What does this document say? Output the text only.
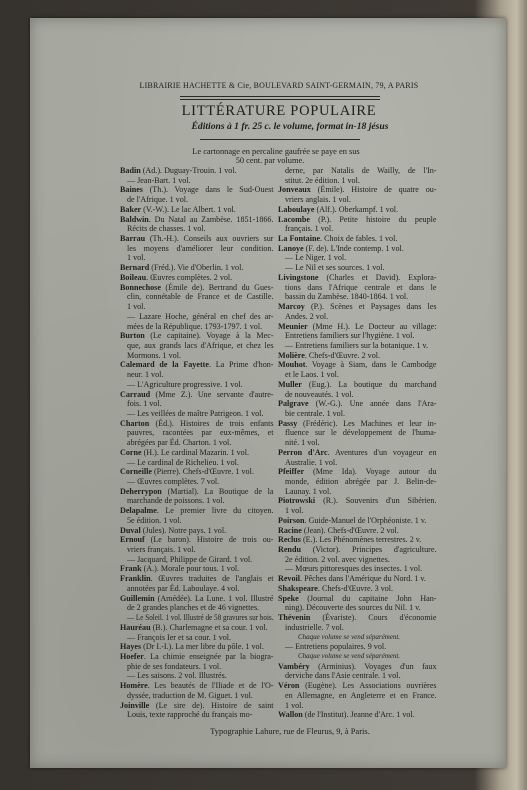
LIBRAIRIE HACHETTE & Cie, BOULEVARD SAINT-GERMAIN, 79, A PARIS
LITTÉRATURE POPULAIRE
Éditions à 1 fr. 25 c. le volume, format in-18 jésus
Le cartonnage en percaline gaufrée se paye en sus
50 cent. par volume.
Badin (Ad.). Duguay-Trouin. 1 vol.
— Jean-Bart. 1 vol.
Baines (Th.). Voyage dans le Sud-Ouest
de l'Afrique. 1 vol.
Baker (V.-W.). Le lac Albert. 1 vol.
Baldwin. Du Natal au Zambèse. 1851-1866.
Récits de chasses. 1 vol.
Barrau (Th.-H.). Conseils aux ouvriers sur
les moyens d'améliorer leur condition.
1 vol.
Bernard (Fréd.). Vie d'Oberlin. 1 vol.
Boileau. Œuvres complètes. 2 vol.
Bonnechose (Émile de). Bertrand du Gues-
clin, connétable de France et de Castille.
1 vol.
— Lazare Hoche, général en chef des ar-
mées de la République. 1793-1797. 1 vol.
Burton (Le capitaine). Voyage à la Mec-
que, aux grands lacs d'Afrique, et chez les
Mormons. 1 vol.
Calemard de la Fayette. La Prime d'hon-
neur. 1 vol.
— L'Agriculture progressive. 1 vol.
Carraud (Mme Z.). Une servante d'autre-
fois. 1 vol.
— Les veillées de maître Patrigeon. 1 vol.
Charton (Éd.). Histoires de trois enfants
pauvres, racontées par eux-mêmes, et
abrégées par Éd. Charton. 1 vol.
Corne (H.). Le cardinal Mazarin. 1 vol.
— Le cardinal de Richelieu. 1 vol.
Corneille (Pierre). Chefs-d'Œuvre. 1 vol.
— Œuvres complètes. 7 vol.
Deherrypon (Martial). La Boutique de la
marchande de poissons. 1 vol.
Delapalme. Le premier livre du citoyen.
5e édition. 1 vol.
Duval (Jules). Notre pays. 1 vol.
Ernouf (Le baron). Histoire de trois ou-
vriers français. 1 vol.
— Jacquard, Philippe de Girard. 1 vol.
Frank (A.). Morale pour tous. 1 vol.
Franklin. Œuvres traduites de l'anglais et
annotées par Éd. Laboulaye. 4 vol.
Guillemin (Amédée). La Lune. 1 vol. Illustré
de 2 grandes planches et de 46 vignettes.
— Le Soleil. 1 vol. Illustré de 58 gravures sur bois.
Hauréau (B.). Charlemagne et sa cour. 1 vol.
— François Ier et sa cour. 1 vol.
Hayes (Dr I.-I.). La mer libre du pôle. 1 vol.
Hoefer. La chimie enseignée par la biogra-
phie de ses fondateurs. 1 vol.
— Les saisons. 2 vol. Illustrés.
Homère. Les beautés de l'Iliade et de l'O-
dyssée, traduction de M. Giguet. 1 vol.
Joinville (Le sire de). Histoire de saint
Louis, texte rapproché du français mo-
derne, par Natalis de Wailly, de l'In-
stitut. 2e édition. 1 vol.
Jonveaux (Émile). Histoire de quatre ou-
vriers anglais. 1 vol.
Laboulaye (Alf.). Oberkampf. 1 vol.
Lacombe (P.). Petite histoire du peuple
français. 1 vol.
La Fontaine. Choix de fables. 1 vol.
Lanoye (F. de). L'Inde contemp. 1 vol.
— Le Niger. 1 vol.
— Le Nil et ses sources. 1 vol.
Livingstone (Charles et David). Explora-
tions dans l'Afrique centrale et dans le
bassin du Zambèse. 1840-1864. 1 vol.
Marcoy (P.). Scènes et Paysages dans les
Andes. 2 vol.
Meunier (Mme H.). Le Docteur au village:
Entretiens familiers sur l'hygiène. 1 vol.
— Entretiens familiers sur la botanique. 1 v.
Molière. Chefs-d'Œuvre. 2 vol.
Mouhot. Voyage à Siam, dans le Cambodge
et le Laos. 1 vol.
Muller (Eug.). La boutique du marchand
de nouveautés. 1 vol.
Palgrave (W.-G.). Une année dans l'Ara-
bie centrale. 1 vol.
Passy (Frédéric). Les Machines et leur in-
fluence sur le développement de l'huma-
nité. 1 vol.
Perron d'Arc. Aventures d'un voyageur en
Australie. 1 vol.
Pfeiffer (Mme Ida). Voyage autour du
monde, édition abrégée par J. Belin-de-
Launay. 1 vol.
Piotrowski (R.). Souvenirs d'un Sibérien.
1 vol.
Poirson. Guide-Manuel de l'Orphéoniste. 1 v.
Racine (Jean). Chefs-d'Œuvre. 2 vol.
Reclus (E.). Les Phénomènes terrestres. 2 v.
Rendu (Victor). Principes d'agriculture.
2e édition. 2 vol. avec vignettes.
— Mœurs pittoresques des insectes. 1 vol.
Revoil. Pêches dans l'Amérique du Nord. 1 v.
Shakspeare. Chefs-d'Œuvre. 3 vol.
Speke (Journal du capitaine John Han-
ning). Découverte des sources du Nil. 1 v.
Thévenin (Évariste). Cours d'économie
industrielle. 7 vol.
Chaque volume se vend séparément.
— Entretiens populaires. 9 vol.
Chaque volume se vend séparément.
Vambéry (Arminius). Voyages d'un faux
derviche dans l'Asie centrale. 1 vol.
Véron (Eugène). Les Associations ouvrières
en Allemagne, en Angleterre et en France.
1 vol.
Wallon (de l'Institut). Jeanne d'Arc. 1 vol.
Typographie Lahure, rue de Fleurus, 9, à Paris.
